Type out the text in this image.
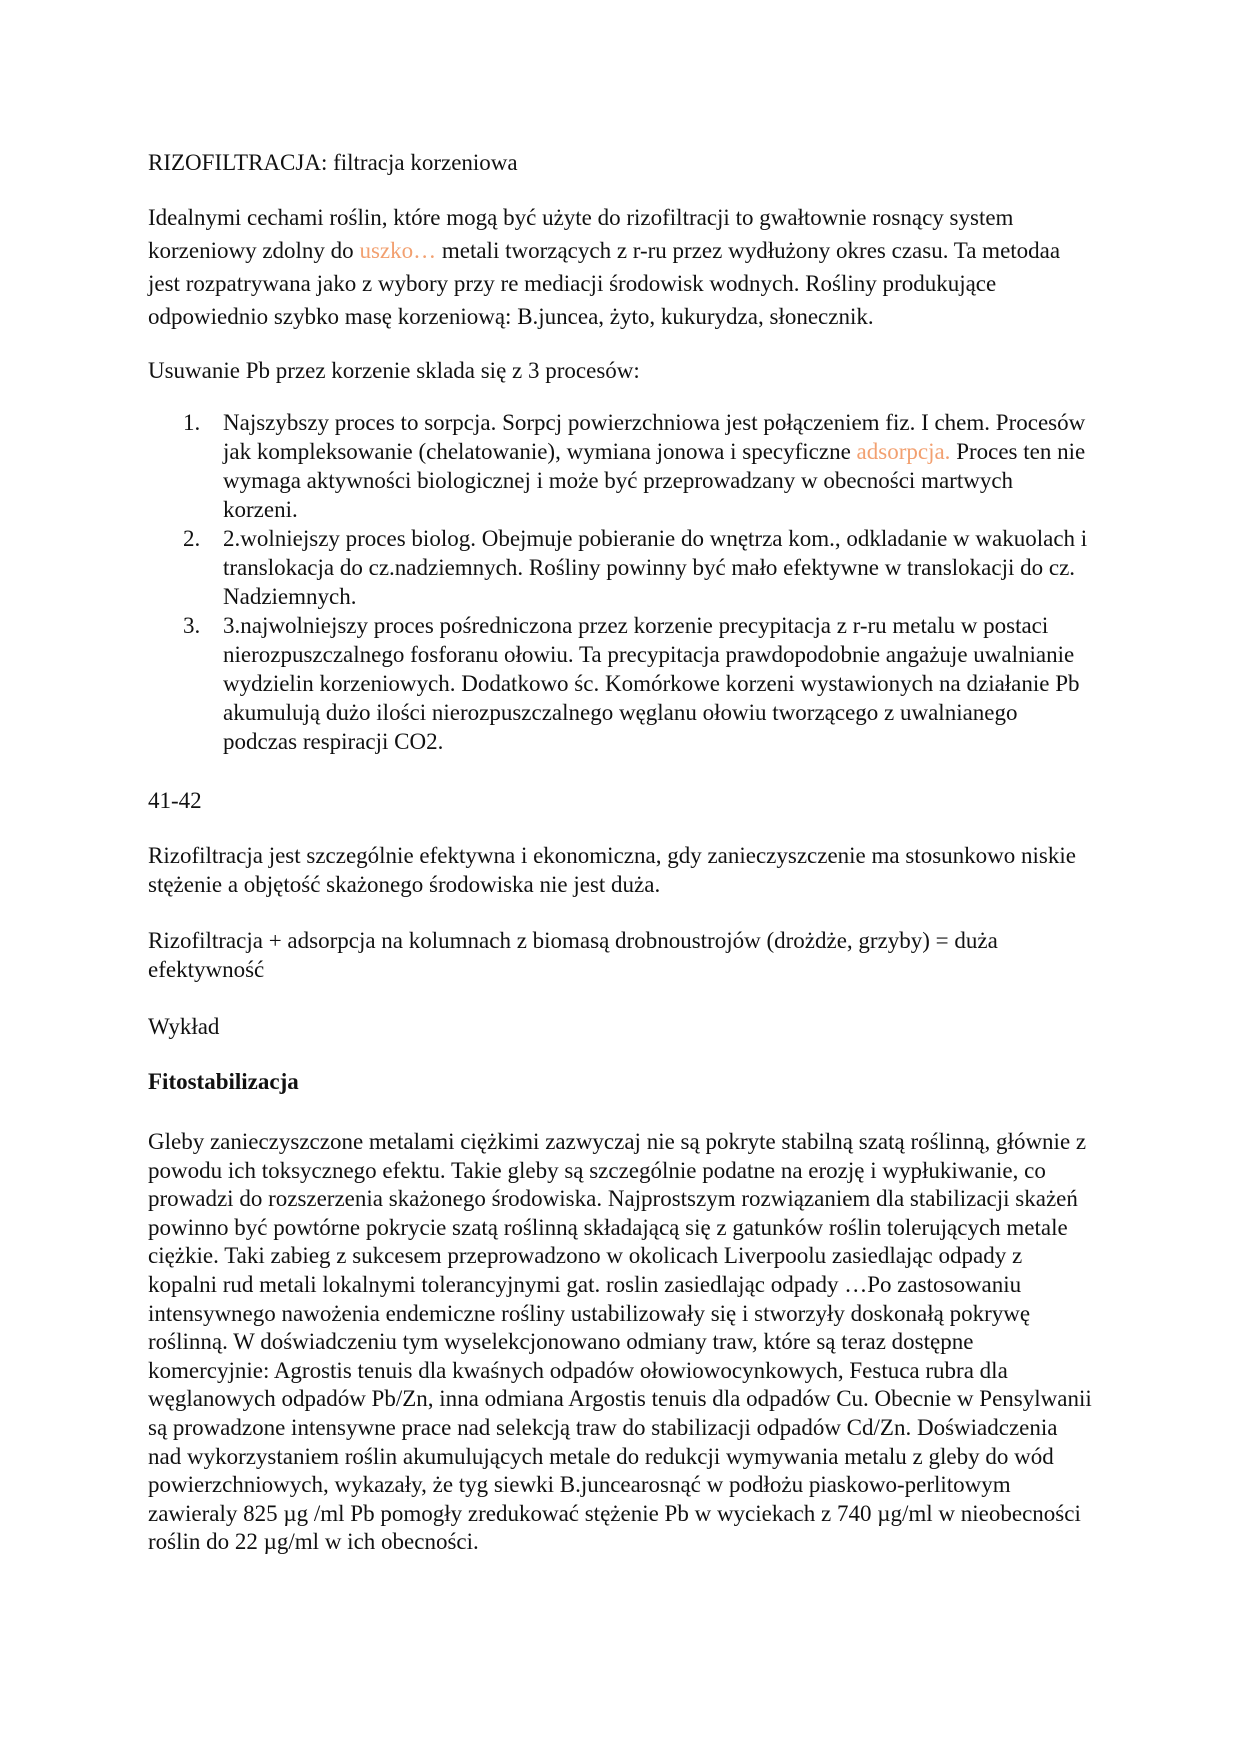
RIZOFILTRACJA: filtracja korzeniowa

Idealnymi cechami roślin, które mogą być użyte do rizofiltracji to gwałtownie rosnący system korzeniowy zdolny do uszko… metali tworzących z r-ru przez wydłużony okres czasu. Ta metodaa jest rozpatrywana jako z wybory przy re mediacji środowisk wodnych. Rośliny produkujące odpowiednio szybko masę korzeniową: B.juncea, żyto, kukurydza, słonecznik.

Usuwanie Pb przez korzenie sklada się z 3 procesów:

1. Najszybszy proces to sorpcja. Sorpcj powierzchniowa jest połączeniem fiz. I chem. Procesów jak kompleksowanie (chelatowanie), wymiana jonowa i specyficzne adsorpcja. Proces ten nie wymaga aktywności biologicznej i może być przeprowadzany w obecności martwych korzeni.
2. 2.wolniejszy proces biolog. Obejmuje pobieranie do wnętrza kom., odkladanie w wakuolach i translokacja do cz.nadziemnych. Rośliny powinny być mało efektywne w translokacji do cz. Nadziemnych.
3. 3.najwolniejszy proces pośredniczona przez korzenie precypitacja z r-ru metalu w postaci nierozpuszczalnego fosforanu ołowiu. Ta precypitacja prawdopodobnie angażuje uwalnianie wydzielin korzeniowych. Dodatkowo śc. Komórkowe korzeni wystawionych na działanie Pb akumulują dużo ilości nierozpuszczalnego węglanu ołowiu tworzącego z uwalnianego podczas respiracji CO2.

41-42

Rizofiltracja jest szczególnie efektywna i ekonomiczna, gdy zanieczyszczenie ma stosunkowo niskie stężenie a objętość skażonego środowiska nie jest duża.

Rizofiltracja + adsorpcja na kolumnach z biomasą drobnoustrojów (drożdże, grzyby) = duża efektywność

Wykład

Fitostabilizacja

Gleby zanieczyszczone metalami ciężkimi zazwyczaj nie są pokryte stabilną szatą roślinną, głównie z powodu ich toksycznego efektu. Takie gleby są szczególnie podatne na erozję i wypłukiwanie, co prowadzi do rozszerzenia skażonego środowiska. Najprostszym rozwiązaniem dla stabilizacji skażeń powinno być powtórne pokrycie szatą roślinną składającą się z gatunków roślin tolerujących metale ciężkie. Taki zabieg z sukcesem przeprowadzono w okolicach Liverpoolu zasiedlając odpady z kopalni rud metali lokalnymi tolerancyjnymi gat. roslin zasiedlając odpady …Po zastosowaniu intensywnego nawożenia endemiczne rośliny ustabilizowały się i stworzyły doskonałą pokrywę roślinną. W doświadczeniu tym wyselekcjonowano odmiany traw, które są teraz dostępne komercyjnie: Agrostis tenuis dla kwaśnych odpadów ołowiowocynkowych, Festuca rubra dla węglanowych odpadów Pb/Zn, inna odmiana Argostis tenuis dla odpadów Cu. Obecnie w Pensylwanii są prowadzone intensywne prace nad selekcją traw do stabilizacji odpadów Cd/Zn. Doświadczenia nad wykorzystaniem roślin akumulujących metale do redukcji wymywania metalu z gleby do wód powierzchniowych, wykazały, że tyg siewki B.juncearosnąć w podłożu piaskowo-perlitowym zawieraly 825 µg /ml Pb pomogły zredukować stężenie Pb w wyciekach z 740 µg/ml w nieobecności roślin do 22 µg/ml w ich obecności.
